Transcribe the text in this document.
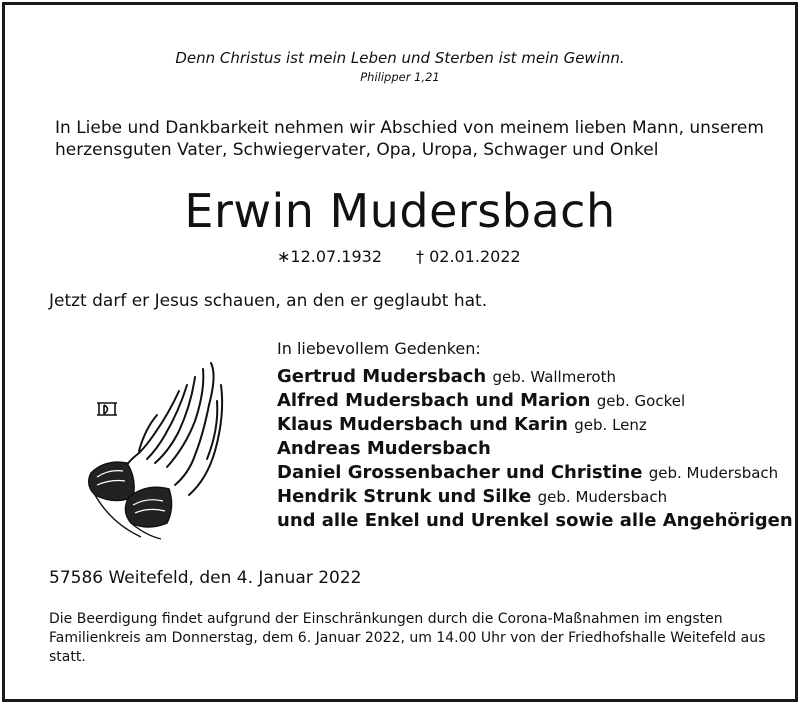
Denn Christus ist mein Leben und Sterben ist mein Gewinn.
Philipper 1,21
In Liebe und Dankbarkeit nehmen wir Abschied von meinem lieben Mann, unserem herzensguten Vater, Schwiegervater, Opa, Uropa, Schwager und Onkel
Erwin Mudersbach
∗12.07.1932 † 02.01.2022
Jetzt darf er Jesus schauen, an den er geglaubt hat.
In liebevollem Gedenken:
Gertrud Mudersbach geb. Wallmeroth
Alfred Mudersbach und Marion geb. Gockel
Klaus Mudersbach und Karin geb. Lenz
Andreas Mudersbach
Daniel Grossenbacher und Christine geb. Mudersbach
Hendrik Strunk und Silke geb. Mudersbach
und alle Enkel und Urenkel sowie alle Angehörigen
57586 Weitefeld, den 4. Januar 2022
Die Beerdigung findet aufgrund der Einschränkungen durch die Corona-Maßnahmen im engsten Familienkreis am Donnerstag, dem 6. Januar 2022, um 14.00 Uhr von der Friedhofshalle Weitefeld aus statt.
